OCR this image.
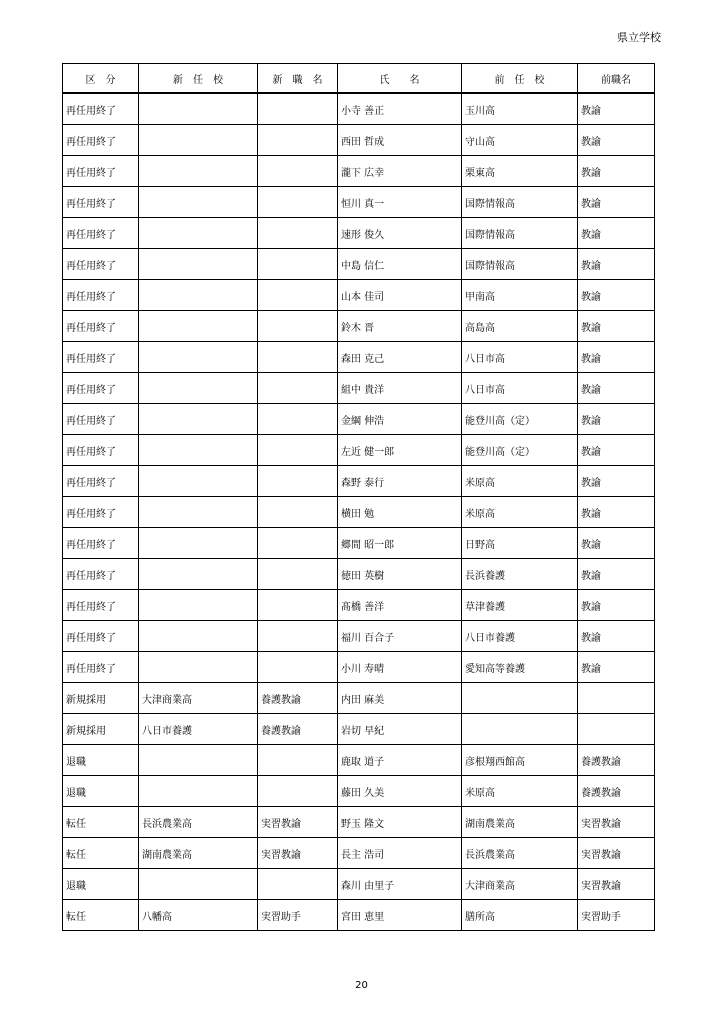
県立学校
区　分	新　任　校	新　職　名	氏　　名	前　任　校	前職名
再任用終了			小寺 善正	玉川高	教諭
再任用終了			西田 哲成	守山高	教諭
再任用終了			瀧下 広幸	栗東高	教諭
再任用終了			恒川 真一	国際情報高	教諭
再任用終了			速形 俊久	国際情報高	教諭
再任用終了			中島 信仁	国際情報高	教諭
再任用終了			山本 佳司	甲南高	教諭
再任用終了			鈴木 晋	高島高	教諭
再任用終了			森田 克己	八日市高	教諭
再任用終了			組中 貴洋	八日市高	教諭
再任用終了			金綱 伸浩	能登川高（定）	教諭
再任用終了			左近 健一郎	能登川高（定）	教諭
再任用終了			森野 泰行	米原高	教諭
再任用終了			横田 勉	米原高	教諭
再任用終了			郷間 昭一郎	日野高	教諭
再任用終了			徳田 英樹	長浜養護	教諭
再任用終了			髙橋 善洋	草津養護	教諭
再任用終了			福川 百合子	八日市養護	教諭
再任用終了			小川 寿晴	愛知高等養護	教諭
新規採用	大津商業高	養護教諭	内田 麻美		
新規採用	八日市養護	養護教諭	岩切 早紀		
退職			鹿取 道子	彦根翔西館高	養護教諭
退職			藤田 久美	米原高	養護教諭
転任	長浜農業高	実習教諭	野玉 隆文	湖南農業高	実習教諭
転任	湖南農業高	実習教諭	長主 浩司	長浜農業高	実習教諭
退職			森川 由里子	大津商業高	実習教諭
転任	八幡高	実習助手	宮田 恵里	膳所高	実習助手
20
